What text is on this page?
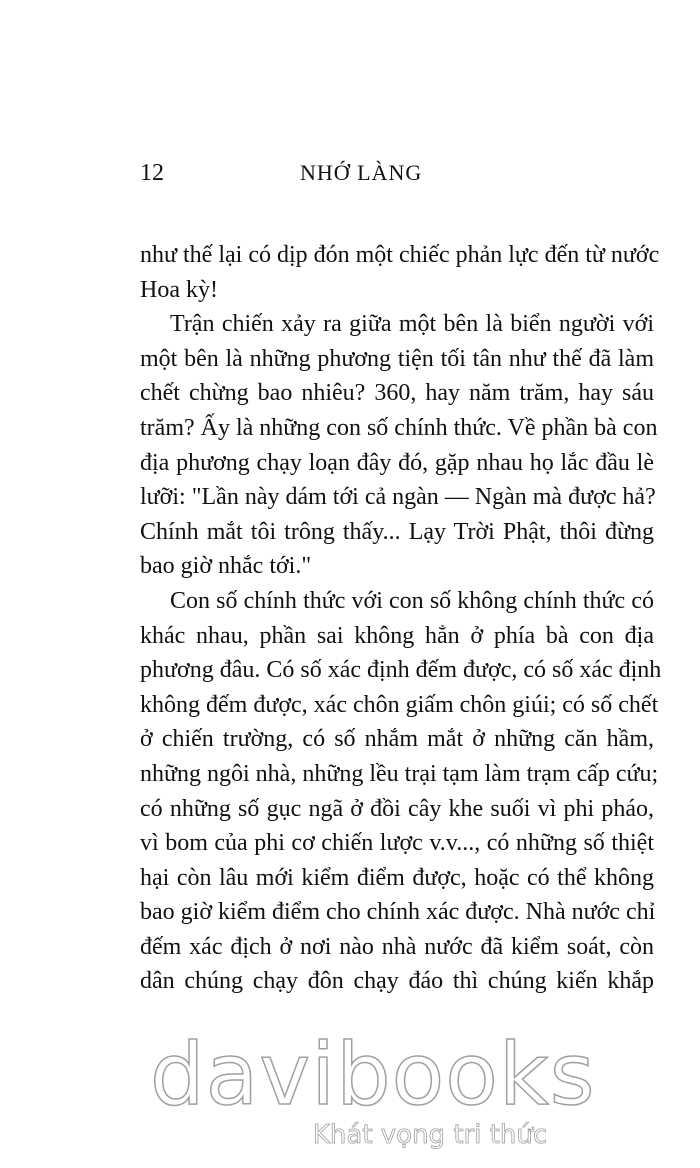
12	NHỚ LÀNG
như thế lại có dịp đón một chiếc phản lực đến từ nước
Hoa kỳ!
Trận chiến xảy ra giữa một bên là biển người với
một bên là những phương tiện tối tân như thế đã làm
chết chừng bao nhiêu? 360, hay năm trăm, hay sáu
trăm? Ấy là những con số chính thức. Về phần bà con
địa phương chạy loạn đây đó, gặp nhau họ lắc đầu lè
lưỡi: "Lần này dám tới cả ngàn — Ngàn mà được hả?
Chính mắt tôi trông thấy... Lạy Trời Phật, thôi đừng
bao giờ nhắc tới."
Con số chính thức với con số không chính thức có
khác nhau, phần sai không hẳn ở phía bà con địa
phương đâu. Có số xác định đếm được, có số xác định
không đếm được, xác chôn giấm chôn giúi; có số chết
ở chiến trường, có số nhắm mắt ở những căn hầm,
những ngôi nhà, những lều trại tạm làm trạm cấp cứu;
có những số gục ngã ở đồi cây khe suối vì phi pháo,
vì bom của phi cơ chiến lược v.v..., có những số thiệt
hại còn lâu mới kiểm điểm được, hoặc có thể không
bao giờ kiểm điểm cho chính xác được. Nhà nước chỉ
đếm xác địch ở nơi nào nhà nước đã kiểm soát, còn
dân chúng chạy đôn chạy đáo thì chúng kiến khắp
davibooks
Khát vọng tri thức
